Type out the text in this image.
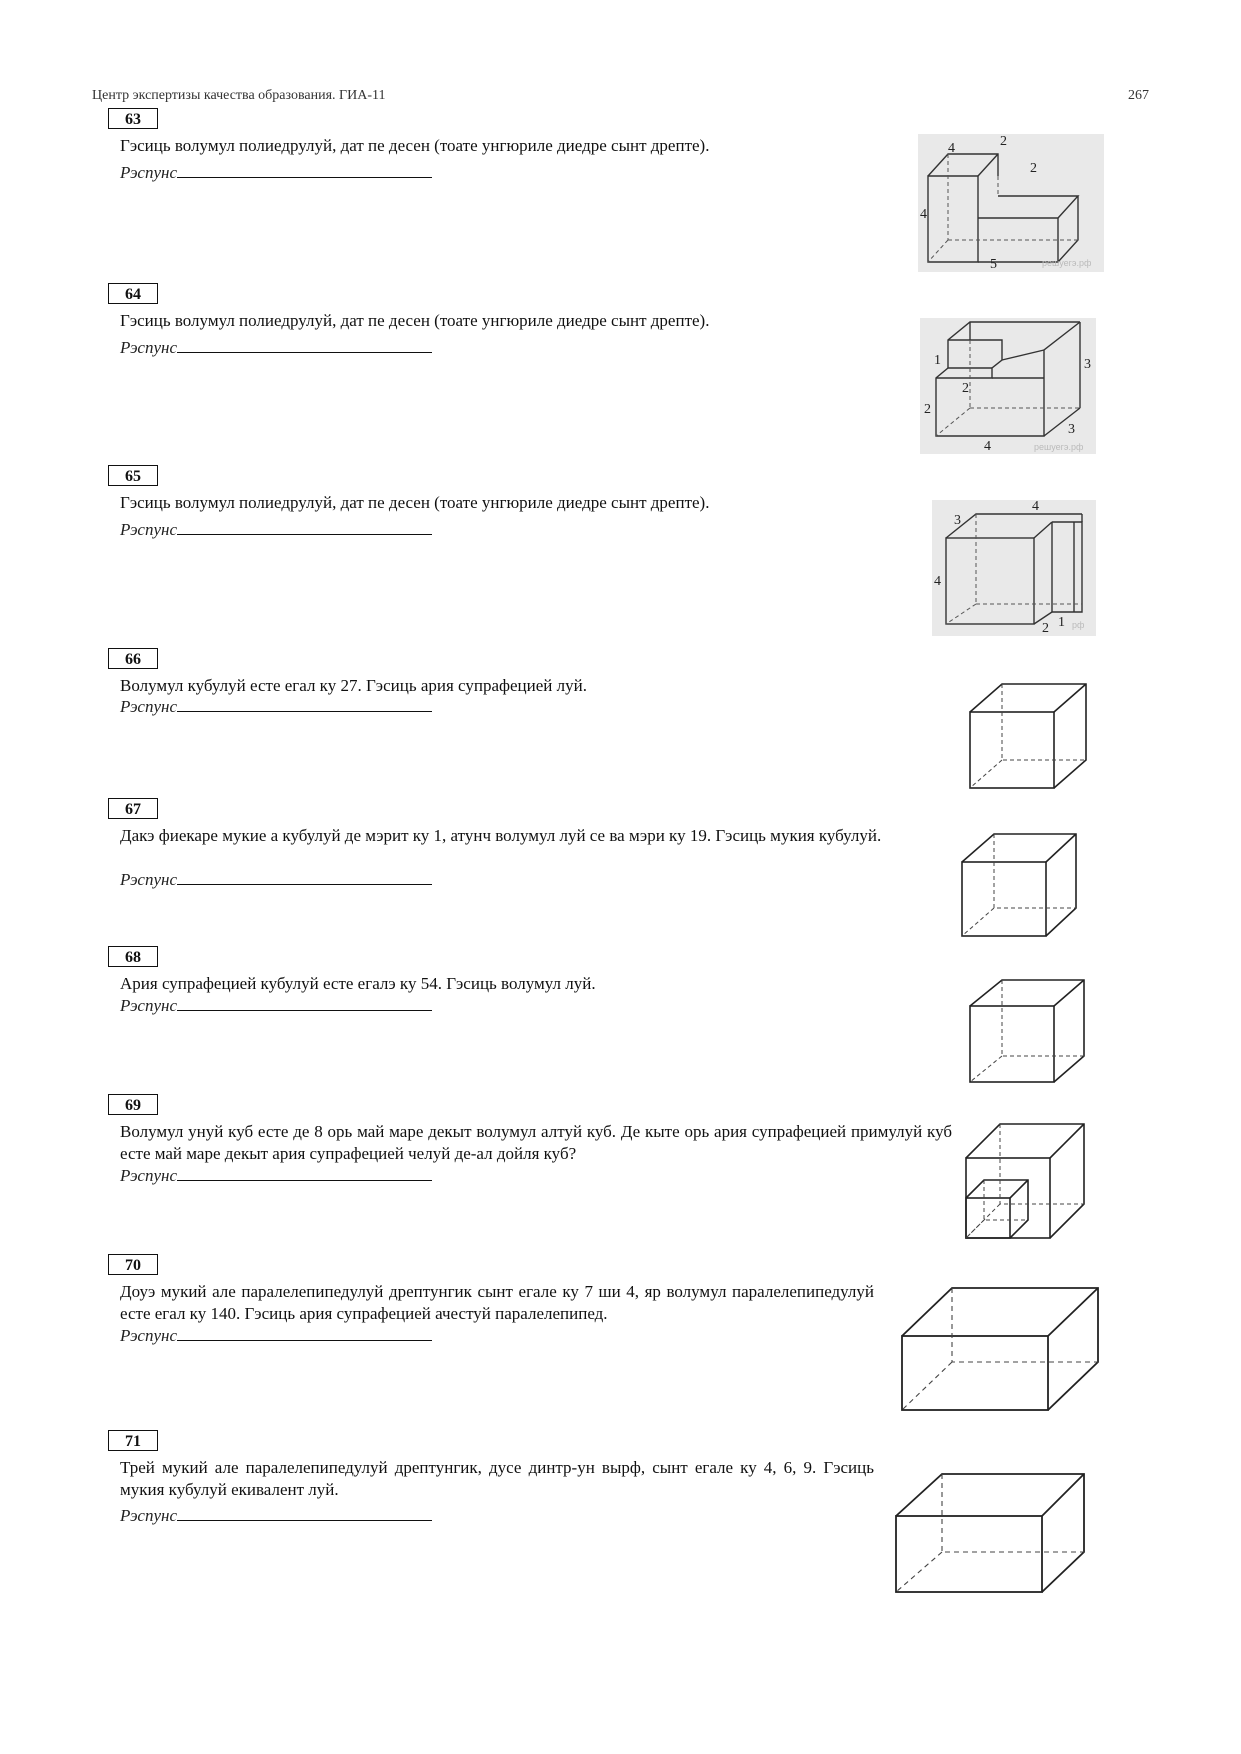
Центр экспертизы качества образования. ГИА-11	267
63
Гэсиць волумул полиедрулуй, дат пе десен (тоате унгюриле диедре сынт дрепте).
Рэспунс
4	2
2
4
5	решуегэ.рф
64
Гэсиць волумул полиедрулуй, дат пе десен (тоате унгюриле диедре сынт дрепте).
Рэспунс
1
2
3
2
3
4	решуегэ.рф
65
Гэсиць волумул полиедрулуй, дат пе десен (тоате унгюриле диедре сынт дрепте).
Рэспунс	3
4
4
2 1 рф
66
Волумул кубулуй есте егал ку 27. Гэсиць ария супрафецией луй.
Рэспунс
67
Дакэ фиекаре мукие а кубулуй де мэрит ку 1, атунч волумул луй се ва мэри ку 19. Гэсиць мукия кубулуй.
Рэспунс
68
Ария супрафецией кубулуй есте егалэ ку 54. Гэсиць волумул луй.
Рэспунс
69
Волумул унуй куб есте де 8 орь май маре декыт волумул алтуй куб. Де кыте орь ария супрафецией примулуй куб есте май маре декыт ария супрафецией челуй де-ал дойля куб?
Рэспунс
70
Доуэ мукий але паралелепипедулуй дрептунгик сынт егале ку 7 ши 4, яр волумул паралелепипедулуй есте егал ку 140. Гэсиць ария супрафецией ачестуй паралелепипед.
Рэспунс
71
Трей мукий але паралелепипедулуй дрептунгик, дусе динтр-ун вырф, сынт егале ку 4, 6, 9. Гэсиць мукия кубулуй екивалент луй.
Рэспунс
